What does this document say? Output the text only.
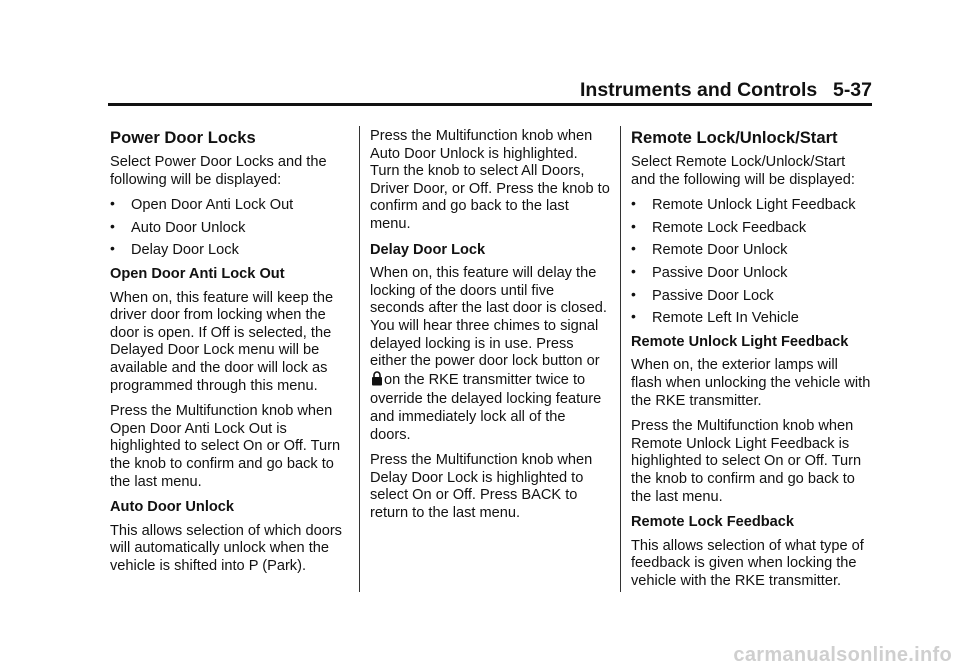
Instruments and Controls 5-37
Power Door Locks

Select Power Door Locks and the following will be displayed:

• Open Door Anti Lock Out
• Auto Door Unlock
• Delay Door Lock

Open Door Anti Lock Out

When on, this feature will keep the driver door from locking when the door is open. If Off is selected, the Delayed Door Lock menu will be available and the door will lock as programmed through this menu.

Press the Multifunction knob when Open Door Anti Lock Out is highlighted to select On or Off. Turn the knob to confirm and go back to the last menu.

Auto Door Unlock

This allows selection of which doors will automatically unlock when the vehicle is shifted into P (Park).

Press the Multifunction knob when Auto Door Unlock is highlighted. Turn the knob to select All Doors, Driver Door, or Off. Press the knob to confirm and go back to the last menu.

Delay Door Lock

When on, this feature will delay the locking of the doors until five seconds after the last door is closed. You will hear three chimes to signal delayed locking is in use. Press either the power door lock button oron the RKE transmitter twice to override the delayed locking feature and immediately lock all of the doors.

Press the Multifunction knob when Delay Door Lock is highlighted to select On or Off. Press BACK to return to the last menu.

Remote Lock/Unlock/Start

Select Remote Lock/Unlock/Start and the following will be displayed:

• Remote Unlock Light Feedback
• Remote Lock Feedback
• Remote Door Unlock
• Passive Door Unlock
• Passive Door Lock
• Remote Left In Vehicle

Remote Unlock Light Feedback

When on, the exterior lamps will flash when unlocking the vehicle with the RKE transmitter.

Press the Multifunction knob when Remote Unlock Light Feedback is highlighted to select On or Off. Turn the knob to confirm and go back to the last menu.

Remote Lock Feedback

This allows selection of what type of feedback is given when locking the vehicle with the RKE transmitter.

carmanualsonline.info
